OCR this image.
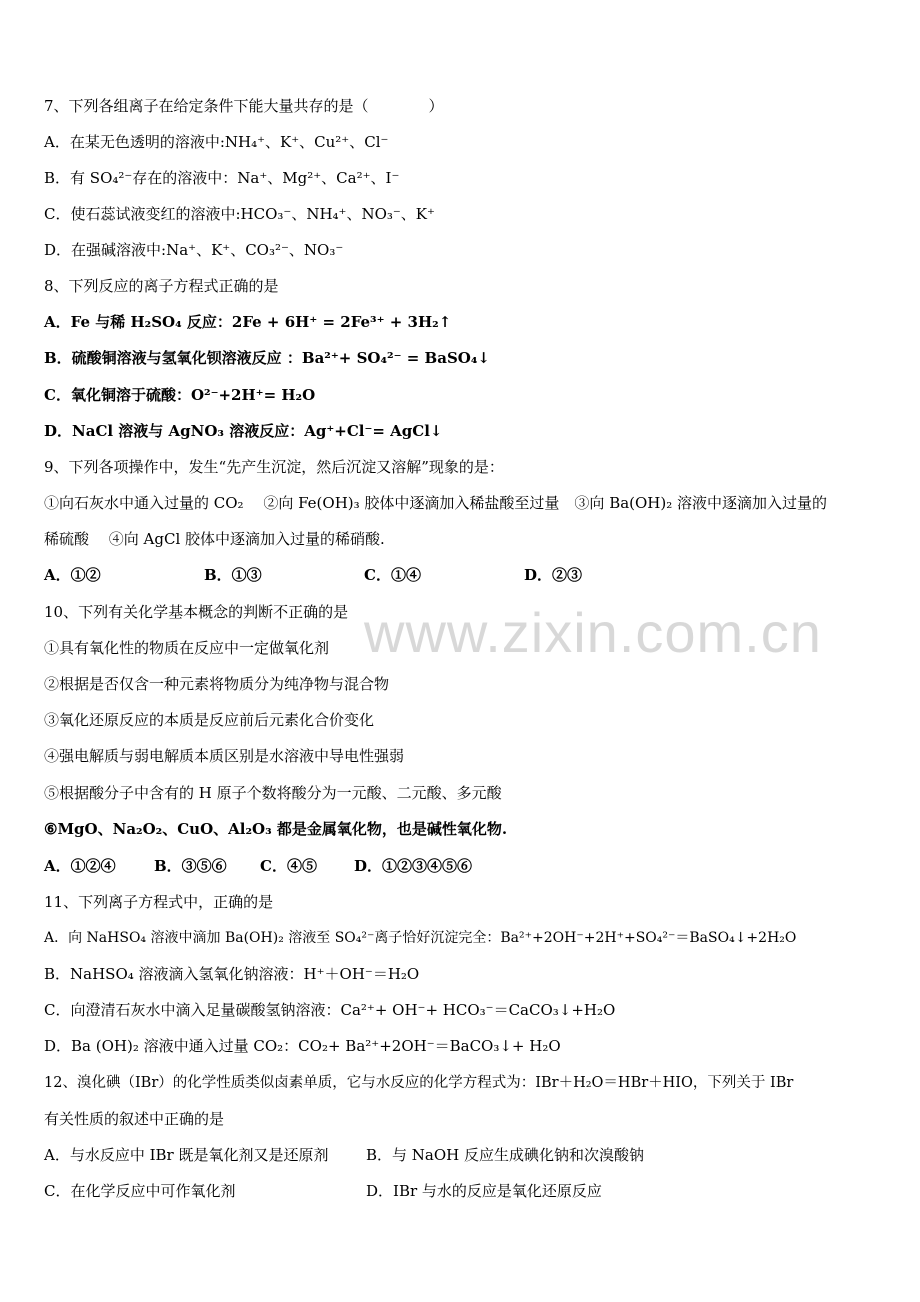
www.zixin.com.cn
7、下列各组离子在给定条件下能大量共存的是（　　　　）
A．在某无色透明的溶液中:NH₄⁺、K⁺、Cu²⁺、Cl⁻
B．有 SO₄²⁻存在的溶液中：Na⁺、Mg²⁺、Ca²⁺、I⁻
C．使石蕊试液变红的溶液中:HCO₃⁻、NH₄⁺、NO₃⁻、K⁺
D．在强碱溶液中:Na⁺、K⁺、CO₃²⁻、NO₃⁻
8、下列反应的离子方程式正确的是
A．Fe 与稀 H₂SO₄ 反应：2Fe + 6H⁺ = 2Fe³⁺ + 3H₂↑
B．硫酸铜溶液与氢氧化钡溶液反应 ：Ba²⁺+ SO₄²⁻ = BaSO₄↓
C．氧化铜溶于硫酸：O²⁻+2H⁺= H₂O
D．NaCl 溶液与 AgNO₃ 溶液反应：Ag⁺+Cl⁻= AgCl↓
9、下列各项操作中，发生“先产生沉淀，然后沉淀又溶解”现象的是：
①向石灰水中通入过量的 CO₂　 ②向 Fe(OH)₃ 胶体中逐滴加入稀盐酸至过量　③向 Ba(OH)₂ 溶液中逐滴加入过量的
稀硫酸　 ④向 AgCl 胶体中逐滴加入过量的稀硝酸.
A．①②	B．①③	C．①④	D．②③
10、下列有关化学基本概念的判断不正确的是
①具有氧化性的物质在反应中一定做氧化剂
②根据是否仅含一种元素将物质分为纯净物与混合物
③氧化还原反应的本质是反应前后元素化合价变化
④强电解质与弱电解质本质区别是水溶液中导电性强弱
⑤根据酸分子中含有的 H 原子个数将酸分为一元酸、二元酸、多元酸
⑥MgO、Na₂O₂、CuO、Al₂O₃ 都是金属氧化物，也是碱性氧化物.
A．①②④	B．③⑤⑥ C．④⑤ D．①②③④⑤⑥
11、下列离子方程式中，正确的是
A．向 NaHSO₄ 溶液中滴加 Ba(OH)₂ 溶液至 SO₄²⁻离子恰好沉淀完全：Ba²⁺+2OH⁻+2H⁺+SO₄²⁻＝BaSO₄↓+2H₂O
B．NaHSO₄ 溶液滴入氢氧化钠溶液：H⁺＋OH⁻＝H₂O
C．向澄清石灰水中滴入足量碳酸氢钠溶液：Ca²⁺+ OH⁻+ HCO₃⁻＝CaCO₃↓+H₂O
D．Ba (OH)₂ 溶液中通入过量 CO₂：CO₂+ Ba²⁺+2OH⁻＝BaCO₃↓+ H₂O
12、溴化碘（IBr）的化学性质类似卤素单质，它与水反应的化学方程式为：IBr＋H₂O＝HBr＋HIO，下列关于 IBr
有关性质的叙述中正确的是
A．与水反应中 IBr 既是氧化剂又是还原剂	B．与 NaOH 反应生成碘化钠和次溴酸钠
C．在化学反应中可作氧化剂	D．IBr 与水的反应是氧化还原反应
